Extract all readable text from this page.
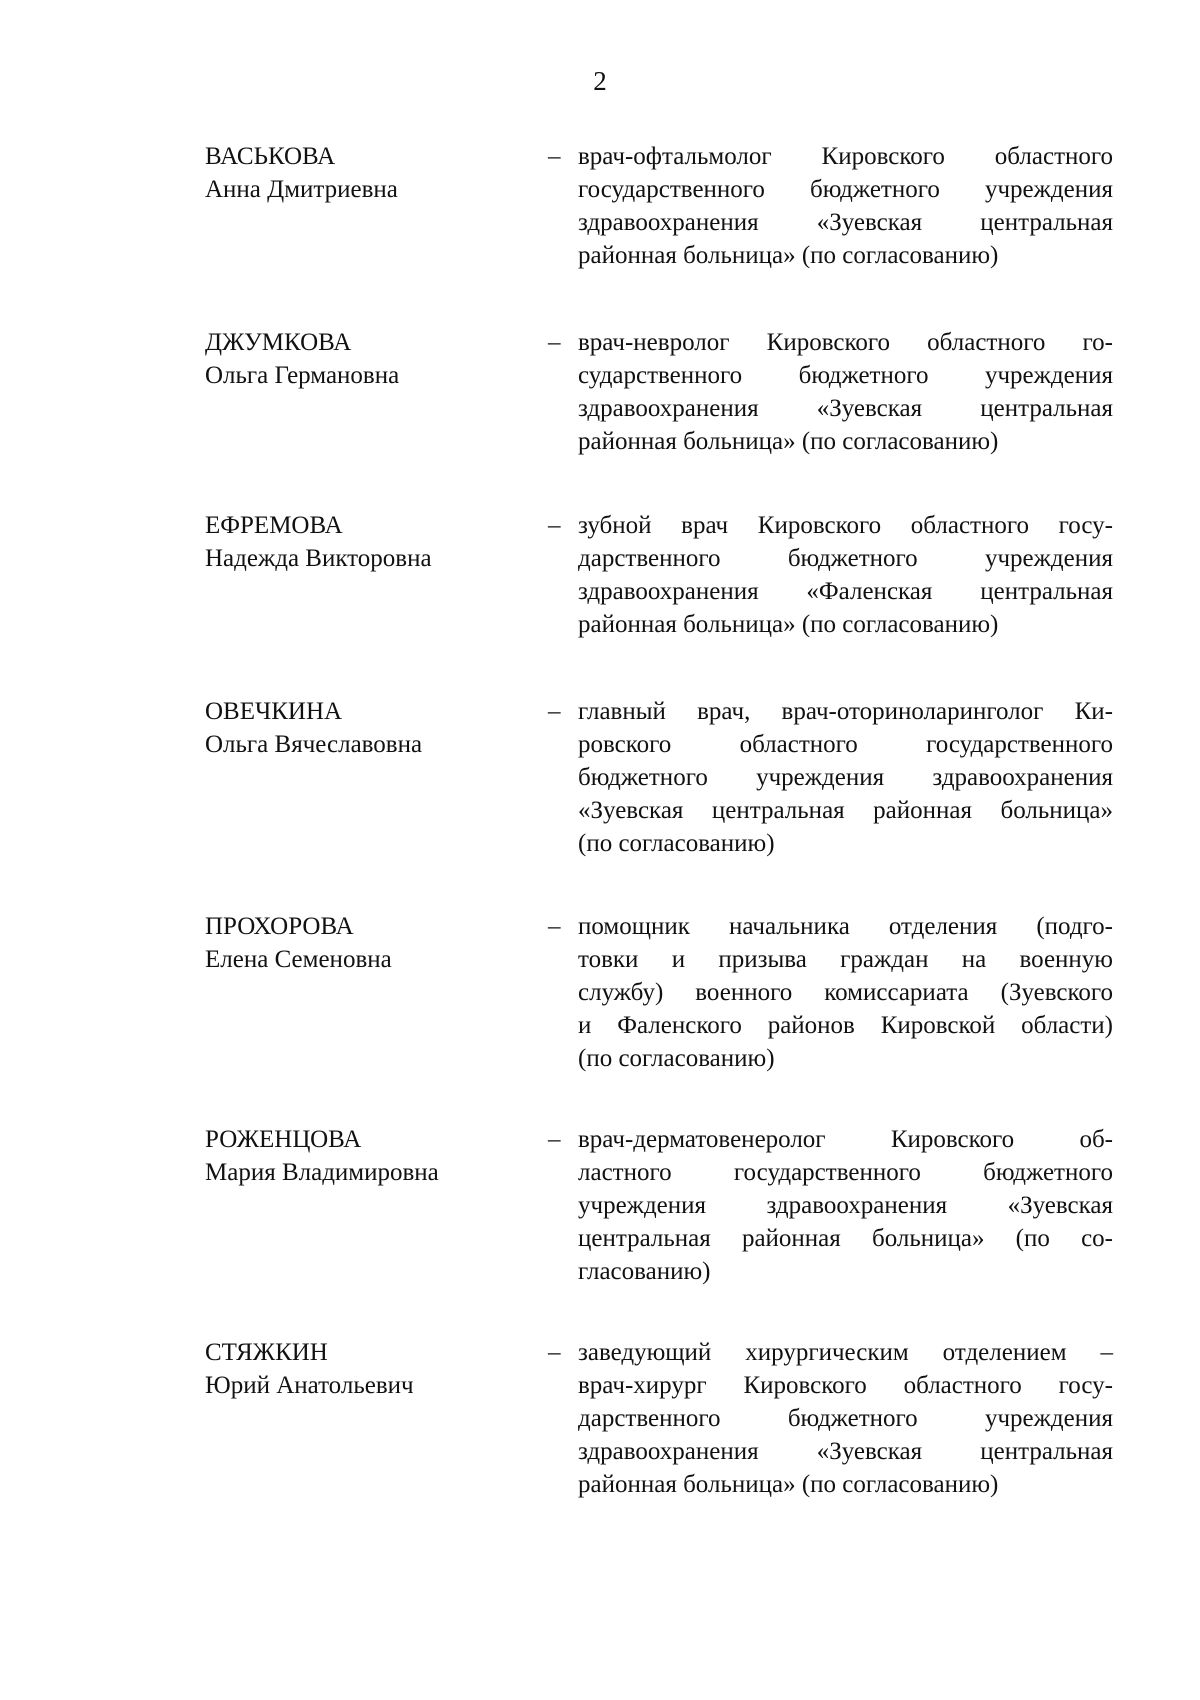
2
ВАСЬКОВА
Анна Дмитриевна
– врач-офтальмолог Кировского областного
государственного бюджетного учреждения
здравоохранения «Зуевская центральная
районная больница» (по согласованию)
ДЖУМКОВА
Ольга Германовна
– врач-невролог Кировского областного го-
сударственного бюджетного учреждения
здравоохранения «Зуевская центральная
районная больница» (по согласованию)
ЕФРЕМОВА
Надежда Викторовна
– зубной врач Кировского областного госу-
дарственного бюджетного учреждения
здравоохранения «Фаленская центральная
районная больница» (по согласованию)
ОВЕЧКИНА
Ольга Вячеславовна
– главный врач, врач-оториноларинголог Ки-
ровского областного государственного
бюджетного учреждения здравоохранения
«Зуевская центральная районная больница»
(по согласованию)
ПРОХОРОВА
Елена Семеновна
– помощник начальника отделения (подго-
товки и призыва граждан на военную
службу) военного комиссариата (Зуевского
и Фаленского районов Кировской области)
(по согласованию)
РОЖЕНЦОВА
Мария Владимировна
– врач-дерматовенеролог Кировского об-
ластного государственного бюджетного
учреждения здравоохранения «Зуевская
центральная районная больница» (по со-
гласованию)
СТЯЖКИН
Юрий Анатольевич
– заведующий хирургическим отделением –
врач-хирург Кировского областного госу-
дарственного бюджетного учреждения
здравоохранения «Зуевская центральная
районная больница» (по согласованию)
